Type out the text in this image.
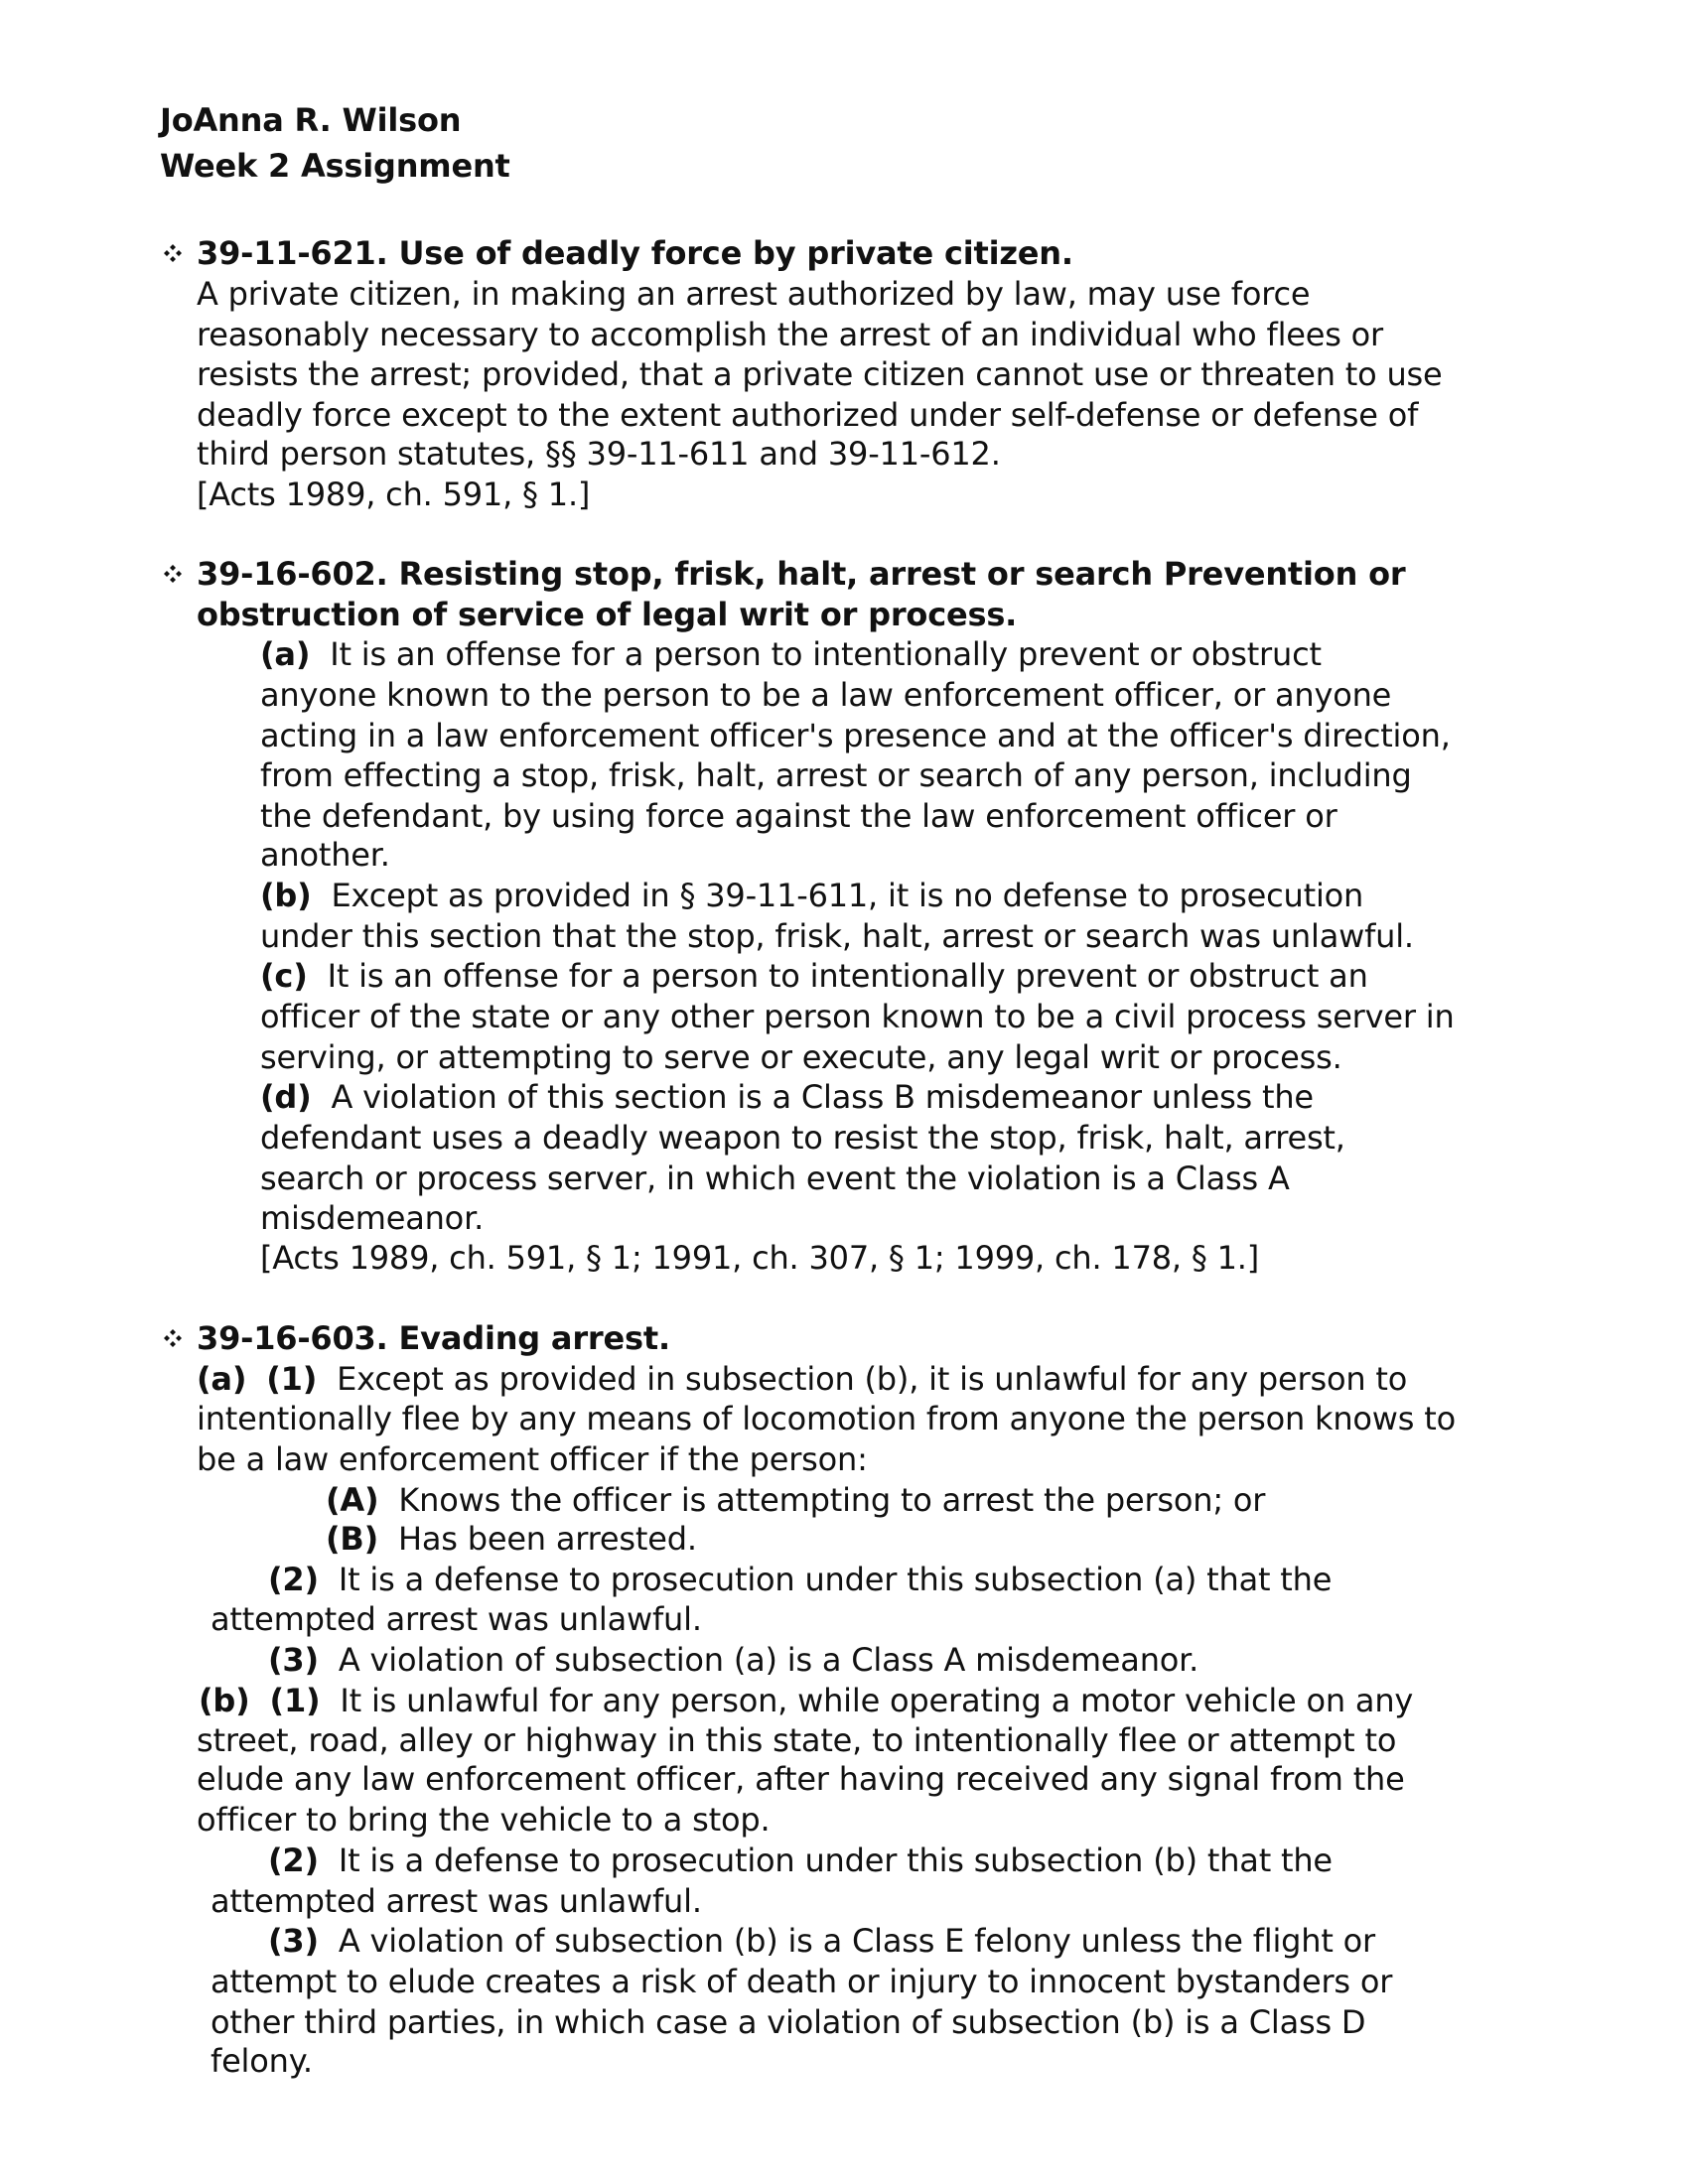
JoAnna R. Wilson
Week 2 Assignment
39-11-621. Use of deadly force by private citizen.
A private citizen, in making an arrest authorized by law, may use force
reasonably necessary to accomplish the arrest of an individual who flees or
resists the arrest; provided, that a private citizen cannot use or threaten to use
deadly force except to the extent authorized under self-defense or defense of
third person statutes, §§ 39-11-611 and 39-11-612.
[Acts 1989, ch. 591, § 1.]
39-16-602. Resisting stop, frisk, halt, arrest or search Prevention or
obstruction of service of legal writ or process.
(a) It is an offense for a person to intentionally prevent or obstruct
anyone known to the person to be a law enforcement officer, or anyone
acting in a law enforcement officer's presence and at the officer's direction,
from effecting a stop, frisk, halt, arrest or search of any person, including
the defendant, by using force against the law enforcement officer or
another.
(b) Except as provided in § 39-11-611, it is no defense to prosecution
under this section that the stop, frisk, halt, arrest or search was unlawful.
(c) It is an offense for a person to intentionally prevent or obstruct an
officer of the state or any other person known to be a civil process server in
serving, or attempting to serve or execute, any legal writ or process.
(d) A violation of this section is a Class B misdemeanor unless the
defendant uses a deadly weapon to resist the stop, frisk, halt, arrest,
search or process server, in which event the violation is a Class A
misdemeanor.
[Acts 1989, ch. 591, § 1; 1991, ch. 307, § 1; 1999, ch. 178, § 1.]
39-16-603. Evading arrest.
(a) (1) Except as provided in subsection (b), it is unlawful for any person to
intentionally flee by any means of locomotion from anyone the person knows to
be a law enforcement officer if the person:
(A) Knows the officer is attempting to arrest the person; or
(B) Has been arrested.
(2) It is a defense to prosecution under this subsection (a) that the
attempted arrest was unlawful.
(3) A violation of subsection (a) is a Class A misdemeanor.
(b) (1) It is unlawful for any person, while operating a motor vehicle on any
street, road, alley or highway in this state, to intentionally flee or attempt to
elude any law enforcement officer, after having received any signal from the
officer to bring the vehicle to a stop.
(2) It is a defense to prosecution under this subsection (b) that the
attempted arrest was unlawful.
(3) A violation of subsection (b) is a Class E felony unless the flight or
attempt to elude creates a risk of death or injury to innocent bystanders or
other third parties, in which case a violation of subsection (b) is a Class D
felony.
